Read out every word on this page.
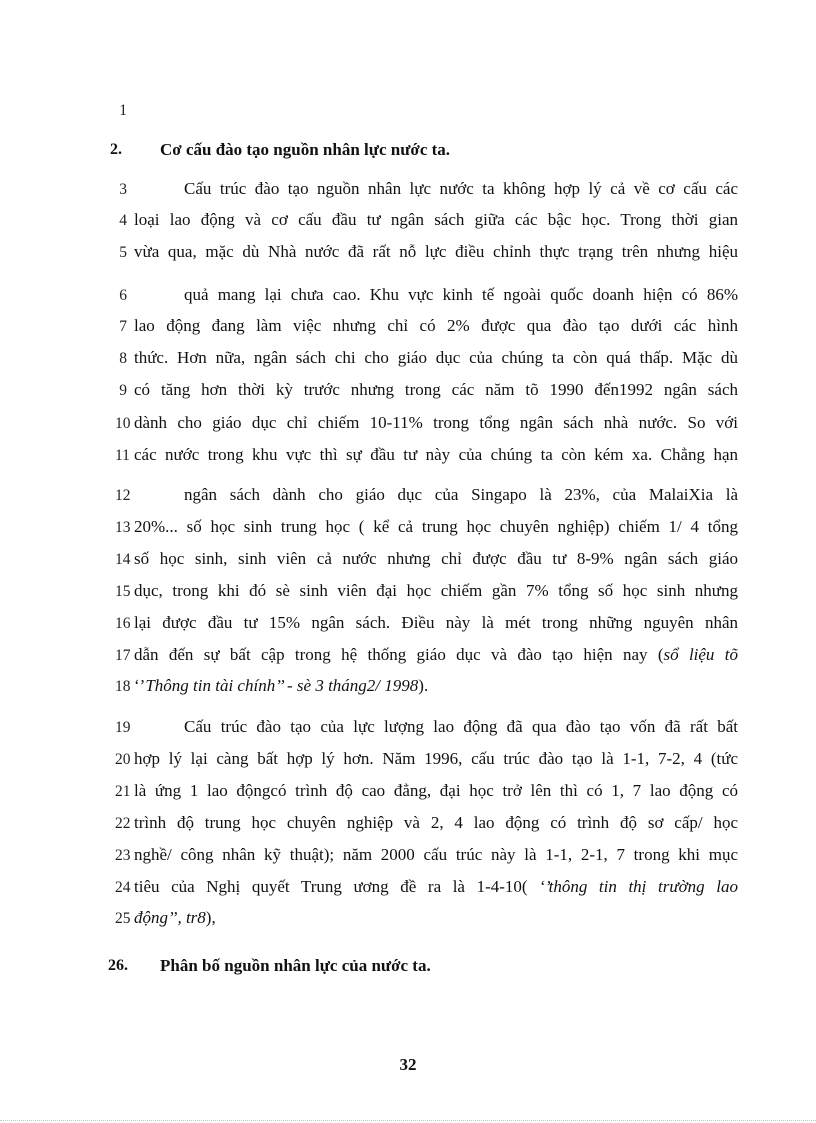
1
3
4
5
6
7
8
9
10
11
12
13
14
15
16
17
18
19
20
21
22
23
24
25
2. Cơ cấu đào tạo nguồn nhân lực nước ta.
Cấu trúc đào tạo nguồn nhân lực nước ta không hợp lý cả về cơ cấu các
loại lao động và cơ cấu đầu tư ngân sách giữa các bậc học. Trong thời gian
vừa qua, mặc dù Nhà nước đã rất nỗ lực điều chỉnh thực trạng trên nhưng hiệu
quả mang lại chưa cao. Khu vực kinh tế ngoài quốc doanh hiện có 86%
lao động đang làm việc nhưng chỉ có 2% được qua đào tạo dưới các hình
thức. Hơn nữa, ngân sách chi cho giáo dục của chúng ta còn quá thấp. Mặc dù
có tăng hơn thời kỳ trước nhưng trong các năm tõ 1990 đến1992 ngân sách
dành cho giáo dục chỉ chiếm 10-11% trong tổng ngân sách nhà nước. So với
các nước trong khu vực thì sự đầu tư này của chúng ta còn kém xa. Chẳng hạn
ngân sách dành cho giáo dục của Singapo là 23%, của MalaiXia là
20%... số học sinh trung học ( kể cả trung học chuyên nghiệp) chiếm 1/ 4 tổng
số học sinh, sinh viên cả nước nhưng chỉ được đầu tư 8-9% ngân sách giáo
dục, trong khi đó sè sinh viên đại học chiếm gần 7% tổng số học sinh nhưng
lại được đầu tư 15% ngân sách. Điều này là mét trong những nguyên nhân
dẫn đến sự bất cập trong hệ thống giáo dục và đào tạo hiện nay (sổ liệu tõ
‘’Thông tin tài chính’’ - sè 3 tháng2/ 1998).
Cấu trúc đào tạo của lực lượng lao động đã qua đào tạo vốn đã rất bất
hợp lý lại càng bất hợp lý hơn. Năm 1996, cấu trúc đào tạo là 1-1, 7-2, 4 (tức
là ứng 1 lao độngcó trình độ cao đẳng, đại học trở lên thì có 1, 7 lao động có
trình độ trung học chuyên nghiệp và 2, 4 lao động có trình độ sơ cấp/ học
nghề/ công nhân kỹ thuật); năm 2000 cấu trúc này là 1-1, 2-1, 7 trong khi mục
tiêu của Nghị quyết Trung ương đề ra là 1-4-10( ‘’thông tin thị trường lao
động’’, tr8),
26. Phân bố nguồn nhân lực của nước ta.
32
